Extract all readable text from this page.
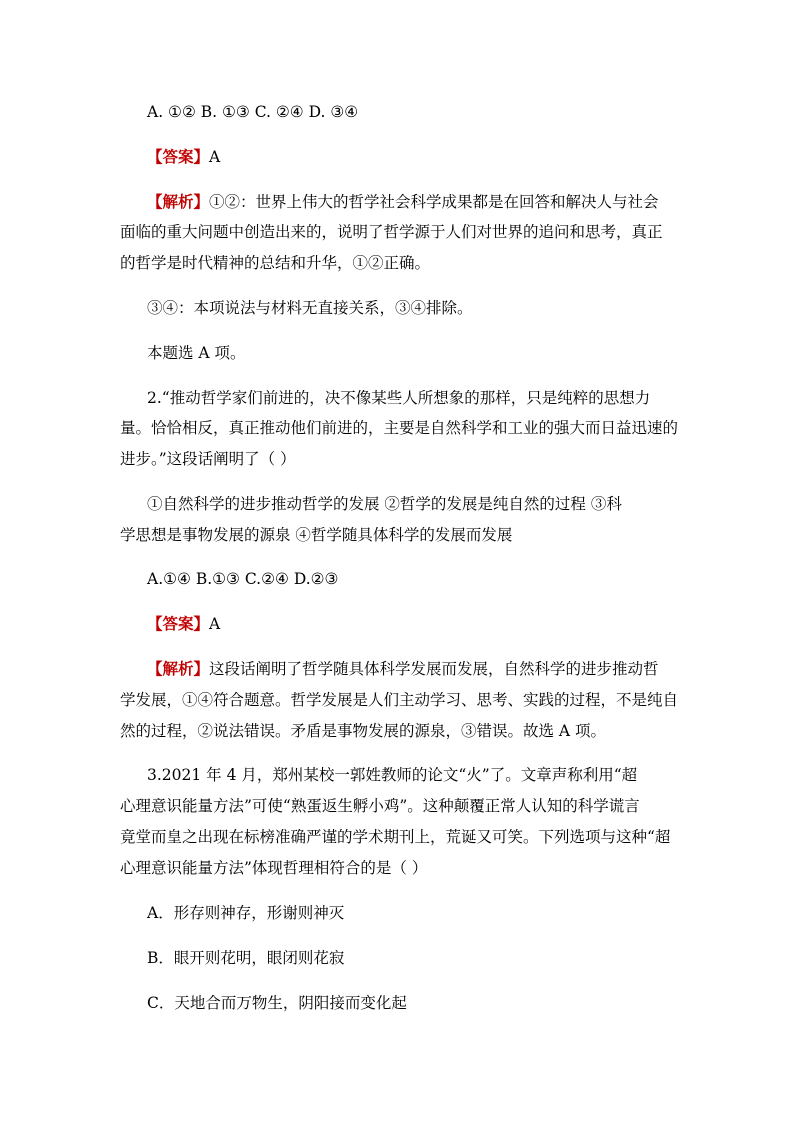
A. ①② B. ①③ C. ②④ D. ③④
【答案】A
【解析】①②：世界上伟大的哲学社会科学成果都是在回答和解决人与社会
面临的重大问题中创造出来的，说明了哲学源于人们对世界的追问和思考，真正
的哲学是时代精神的总结和升华，①②正确。
③④：本项说法与材料无直接关系，③④排除。
本题选 A 项。
2.“推动哲学家们前进的，决不像某些人所想象的那样，只是纯粹的思想力
量。恰恰相反，真正推动他们前进的，主要是自然科学和工业的强大而日益迅速的
进步。”这段话阐明了（ ）
①自然科学的进步推动哲学的发展 ②哲学的发展是纯自然的过程 ③科
学思想是事物发展的源泉 ④哲学随具体科学的发展而发展
A.①④ B.①③ C.②④ D.②③
【答案】A
【解析】这段话阐明了哲学随具体科学发展而发展，自然科学的进步推动哲
学发展，①④符合题意。哲学发展是人们主动学习、思考、实践的过程，不是纯自
然的过程，②说法错误。矛盾是事物发展的源泉，③错误。故选 A 项。
3.2021 年 4 月，郑州某校一郭姓教师的论文“火”了。文章声称利用“超
心理意识能量方法”可使“熟蛋返生孵小鸡”。这种颠覆正常人认知的科学谎言
竟堂而皇之出现在标榜准确严谨的学术期刊上，荒诞又可笑。下列选项与这种“超
心理意识能量方法”体现哲理相符合的是（ ）
A．形存则神存，形谢则神灭
B．眼开则花明，眼闭则花寂
C．天地合而万物生，阴阳接而变化起
